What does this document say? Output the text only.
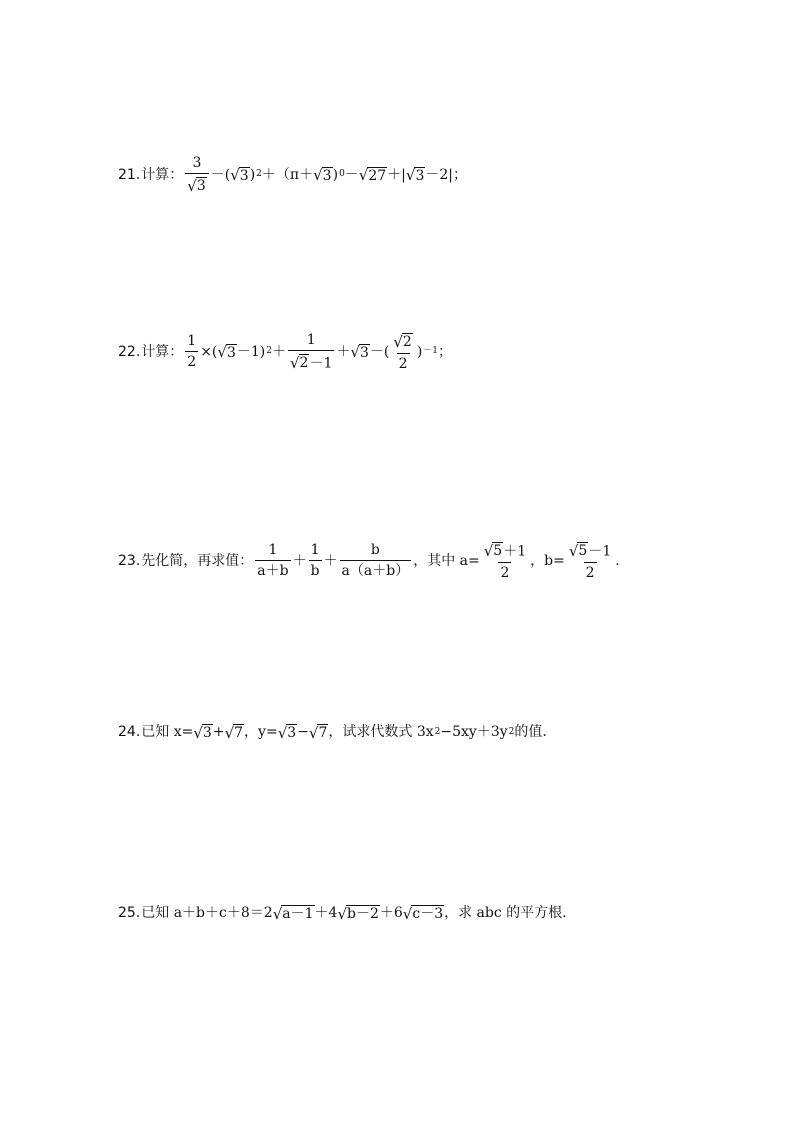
21. 计算： $\frac{3}{√ 3}$ －( √ 3 ) 2 ＋（π＋ √ 3 ) 0 － √ 27 ＋| √ 3 －2|；
22. 计算： $\frac{1}{2}$ ×( √ 3 －1) $2 + \frac{1}{√ 2 -1}$ ＋ √ 3 －( $\frac{√ 2}{2}$ ) －1 ；
23. 先化简，再求值： $\frac{1}{a+b} + \frac{1}{b} + \frac{b}{a(a+b)}$ ，其中 $a= \frac{√ 5 +1}{2}$ ，$b= \frac{√ 5 -1}{2}$ .
24. 已知 x= √ 3 + √ 7 ，y= √ 3 − √ 7 ，试求代数式 3x 2 −5xy＋3y 2 的值.
25. 已知 a＋b＋c＋8＝2 √ a－1 ＋4 √ b－2 ＋6 √ c－3 ，求 abc 的平方根.
